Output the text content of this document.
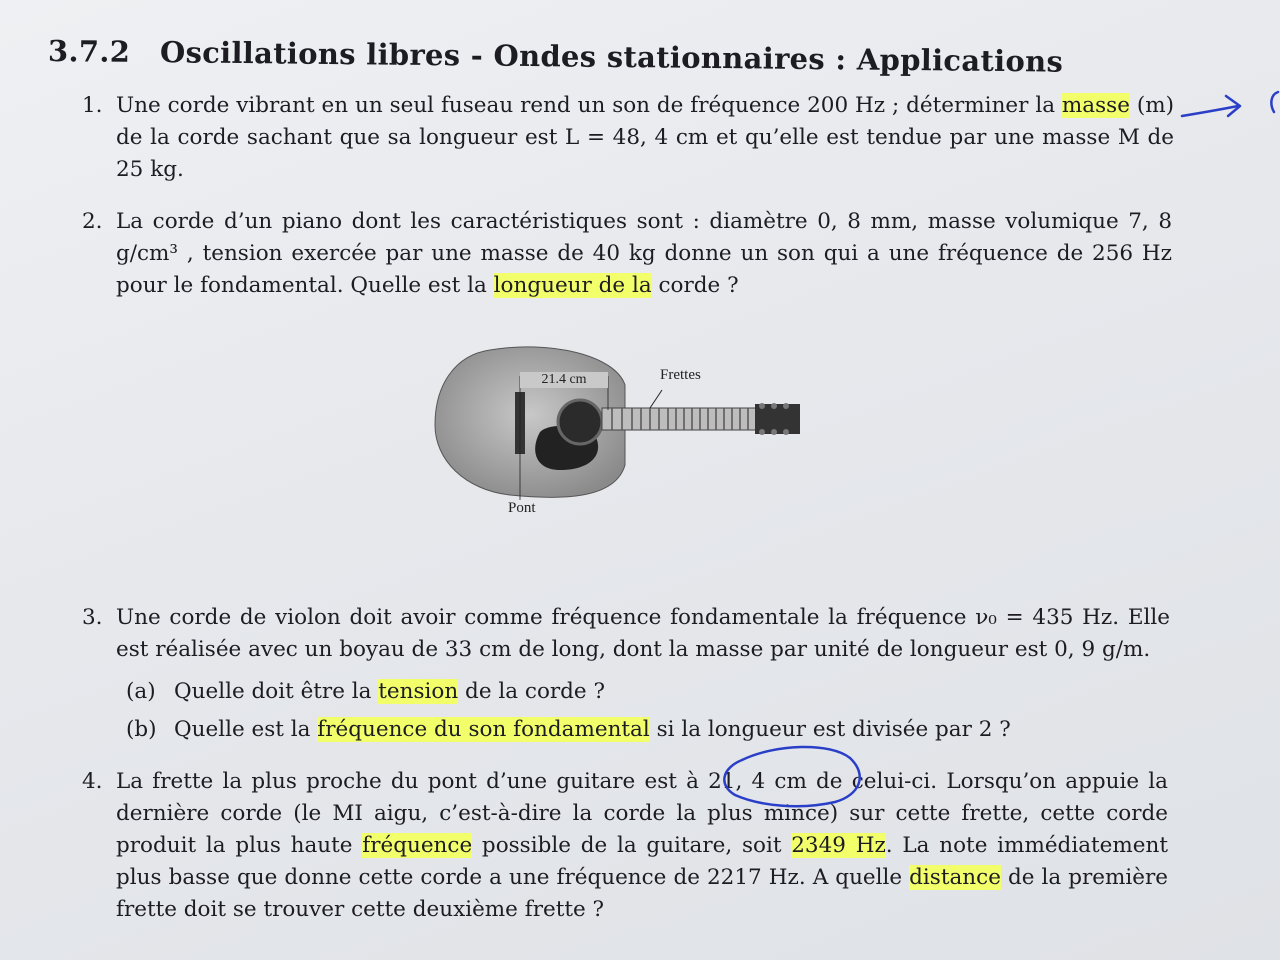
3.7.2 Oscillations libres - Ondes stationnaires : Applications
1. Une corde vibrant en un seul fuseau rend un son de fréquence 200 Hz ; déterminer la masse (m) de la corde sachant que sa longueur est L = 48, 4 cm et qu’elle est tendue par une masse M de 25 kg.
2. La corde d’un piano dont les caractéristiques sont : diamètre 0, 8 mm, masse volumique 7, 8 g/cm³ , tension exercée par une masse de 40 kg donne un son qui a une fréquence de 256 Hz pour le fondamental. Quelle est la longueur de la corde ?
21.4 cm	Frettes
Pont
3. Une corde de violon doit avoir comme fréquence fondamentale la fréquence ν₀ = 435 Hz. Elle est réalisée avec un boyau de 33 cm de long, dont la masse par unité de longueur est 0, 9 g/m.
(a) Quelle doit être la tension de la corde ?
(b) Quelle est la fréquence du son fondamental si la longueur est divisée par 2 ?
4. La frette la plus proche du pont d’une guitare est à 21, 4 cm de celui-ci. Lorsqu’on appuie la dernière corde (le MI aigu, c’est-à-dire la corde la plus mince) sur cette frette, cette corde produit la plus haute fréquence possible de la guitare, soit 2349 Hz. La note immédiatement plus basse que donne cette corde a une fréquence de 2217 Hz. A quelle distance de la première frette doit se trouver cette deuxième frette ?
